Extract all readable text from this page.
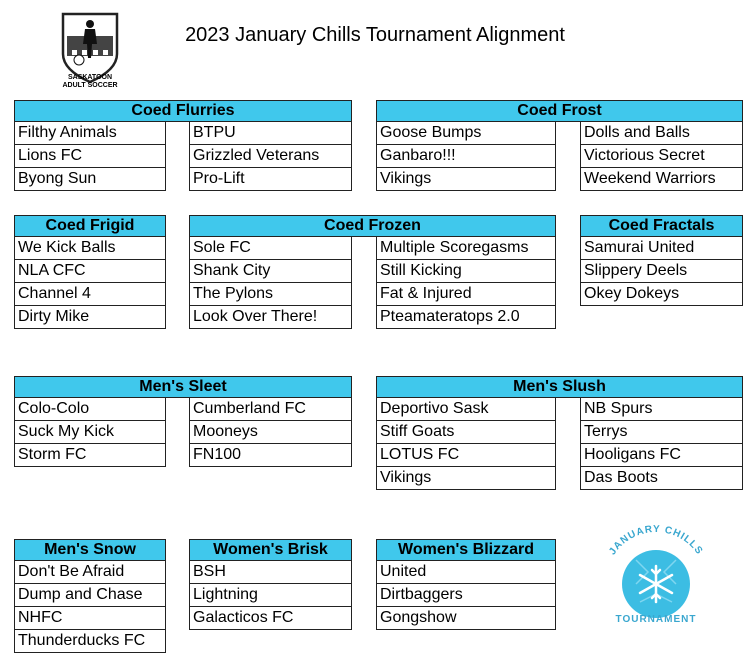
SASKATOON
ADULT SOCCER
2023 January Chills Tournament Alignment
Coed Flurries
Filthy Animals
Lions FC
Byong Sun
BTPU
Grizzled Veterans
Pro-Lift
Coed Frost
Goose Bumps
Ganbaro!!!
Vikings
Dolls and Balls
Victorious Secret
Weekend Warriors
Coed Frigid
We Kick Balls
NLA CFC
Channel 4
Dirty Mike
Coed Frozen
Sole FC
Shank City
The Pylons
Look Over There!
Multiple Scoregasms
Still Kicking
Fat & Injured
Pteamateratops 2.0
Coed Fractals
Samurai United
Slippery Deels
Okey Dokeys
Men's Sleet
Colo-Colo
Suck My Kick
Storm FC
Cumberland FC
Mooneys
FN100
Men's Slush
Deportivo Sask
Stiff Goats
LOTUS FC
Vikings
NB Spurs
Terrys
Hooligans FC
Das Boots
Men's Snow
Don't Be Afraid
Dump and Chase
NHFC
Thunderducks FC
Women's Brisk
BSH
Lightning
Galacticos FC
Women's Blizzard
United
Dirtbaggers
Gongshow
JANUARY CHILLS
TOURNAMENT
